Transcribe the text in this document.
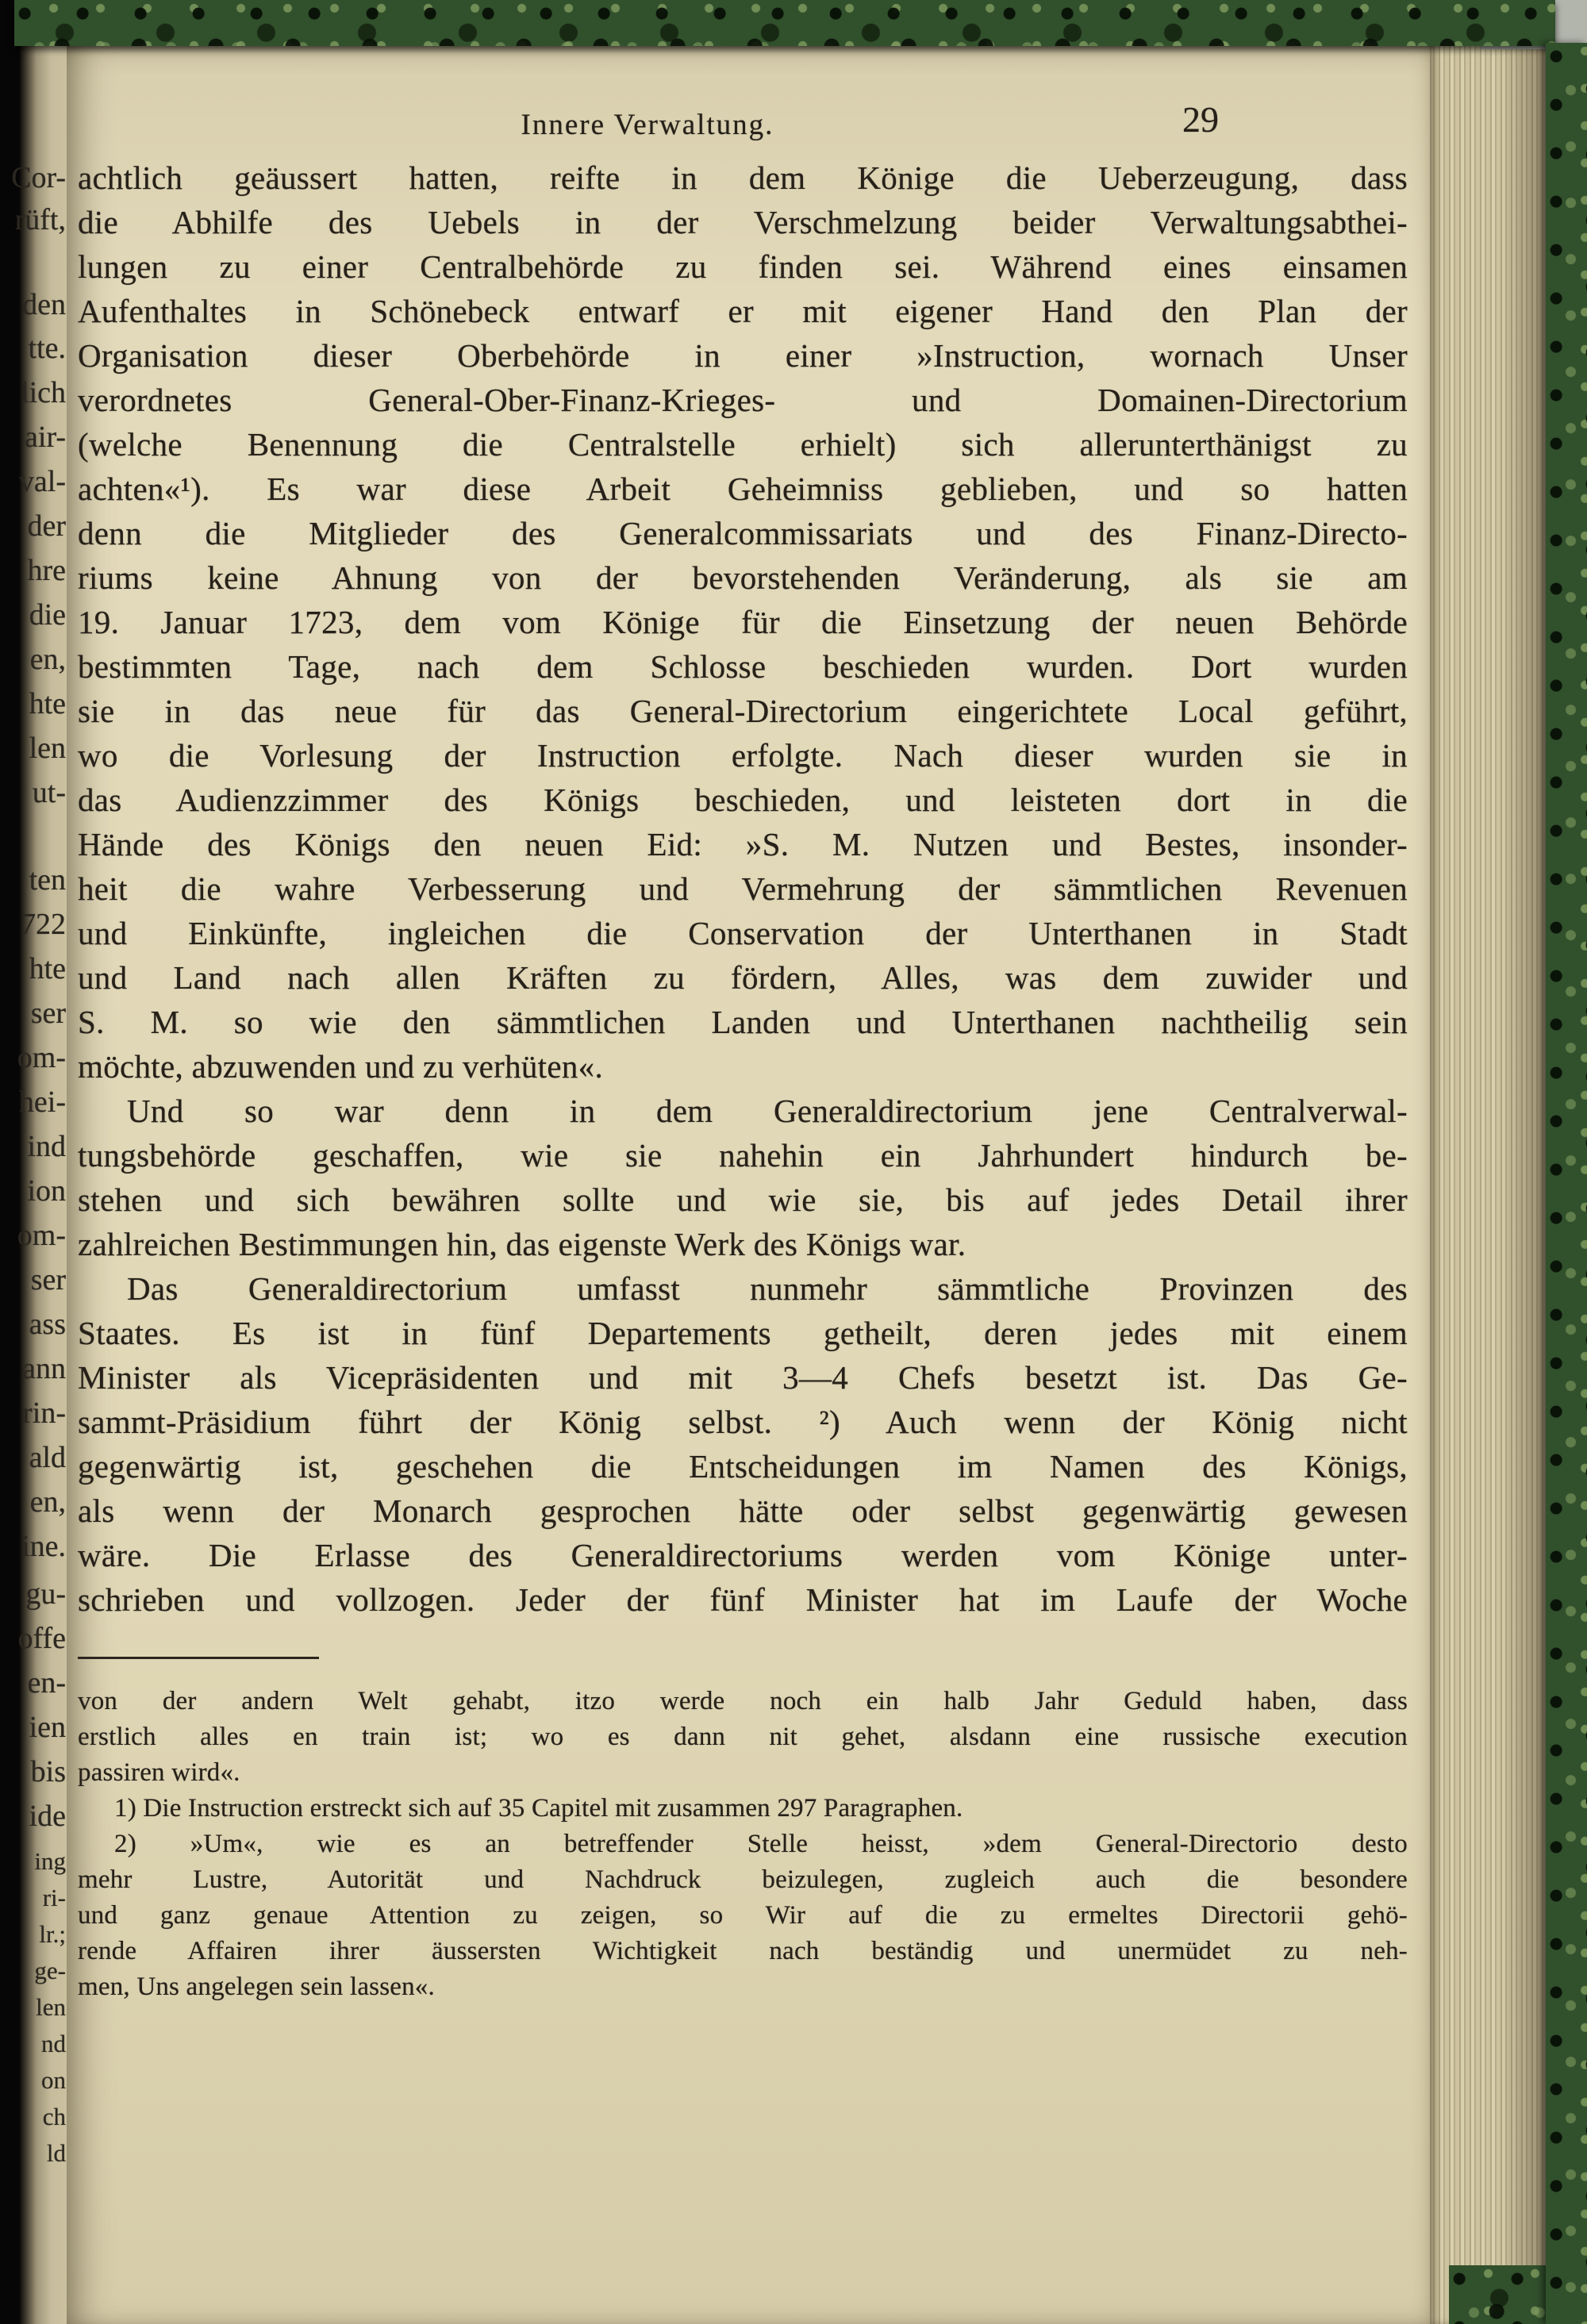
Cor-
rüft,
den
tte.
lich
air-
val-
der
hre
die
en,
hte
len
ut-
ten
722
hte
ser
om-
hei-
ind
ion
om-
ser
ass
ann
rin-
ald
en,
ine.
gu-
offe
en-
ien
bis
ide
ing
ri-
lr.;
ge-
len
nd
on
ch
ld
Innere Verwaltung.	29
achtlich geäussert hatten, reifte in dem Könige die Ueberzeugung, dass
die Abhilfe des Uebels in der Verschmelzung beider Verwaltungsabthei-
lungen zu einer Centralbehörde zu finden sei. Während eines einsamen
Aufenthaltes in Schönebeck entwarf er mit eigener Hand den Plan der
Organisation dieser Oberbehörde in einer »Instruction, wornach Unser
verordnetes General-Ober-Finanz-Krieges- und Domainen-Directorium
(welche Benennung die Centralstelle erhielt) sich allerunterthänigst zu
achten«¹). Es war diese Arbeit Geheimniss geblieben, und so hatten
denn die Mitglieder des Generalcommissariats und des Finanz-Directo-
riums keine Ahnung von der bevorstehenden Veränderung, als sie am
19. Januar 1723, dem vom Könige für die Einsetzung der neuen Behörde
bestimmten Tage, nach dem Schlosse beschieden wurden. Dort wurden
sie in das neue für das General-Directorium eingerichtete Local geführt,
wo die Vorlesung der Instruction erfolgte. Nach dieser wurden sie in
das Audienzzimmer des Königs beschieden, und leisteten dort in die
Hände des Königs den neuen Eid: »S. M. Nutzen und Bestes, insonder-
heit die wahre Verbesserung und Vermehrung der sämmtlichen Revenuen
und Einkünfte, ingleichen die Conservation der Unterthanen in Stadt
und Land nach allen Kräften zu fördern, Alles, was dem zuwider und
S. M. so wie den sämmtlichen Landen und Unterthanen nachtheilig sein
möchte, abzuwenden und zu verhüten«.
Und so war denn in dem Generaldirectorium jene Centralverwal-
tungsbehörde geschaffen, wie sie nahehin ein Jahrhundert hindurch be-
stehen und sich bewähren sollte und wie sie, bis auf jedes Detail ihrer
zahlreichen Bestimmungen hin, das eigenste Werk des Königs war.
Das Generaldirectorium umfasst nunmehr sämmtliche Provinzen des
Staates. Es ist in fünf Departements getheilt, deren jedes mit einem
Minister als Vicepräsidenten und mit 3—4 Chefs besetzt ist. Das Ge-
sammt-Präsidium führt der König selbst. ²) Auch wenn der König nicht
gegenwärtig ist, geschehen die Entscheidungen im Namen des Königs,
als wenn der Monarch gesprochen hätte oder selbst gegenwärtig gewesen
wäre. Die Erlasse des Generaldirectoriums werden vom Könige unter-
schrieben und vollzogen. Jeder der fünf Minister hat im Laufe der Woche
von der andern Welt gehabt, itzo werde noch ein halb Jahr Geduld haben, dass
erstlich alles en train ist; wo es dann nit gehet, alsdann eine russische execution
passiren wird«.
1) Die Instruction erstreckt sich auf 35 Capitel mit zusammen 297 Paragraphen.
2) »Um«, wie es an betreffender Stelle heisst, »dem General-Directorio desto
mehr Lustre, Autorität und Nachdruck beizulegen, zugleich auch die besondere
und ganz genaue Attention zu zeigen, so Wir auf die zu ermeltes Directorii gehö-
rende Affairen ihrer äussersten Wichtigkeit nach beständig und unermüdet zu neh-
men, Uns angelegen sein lassen«.
